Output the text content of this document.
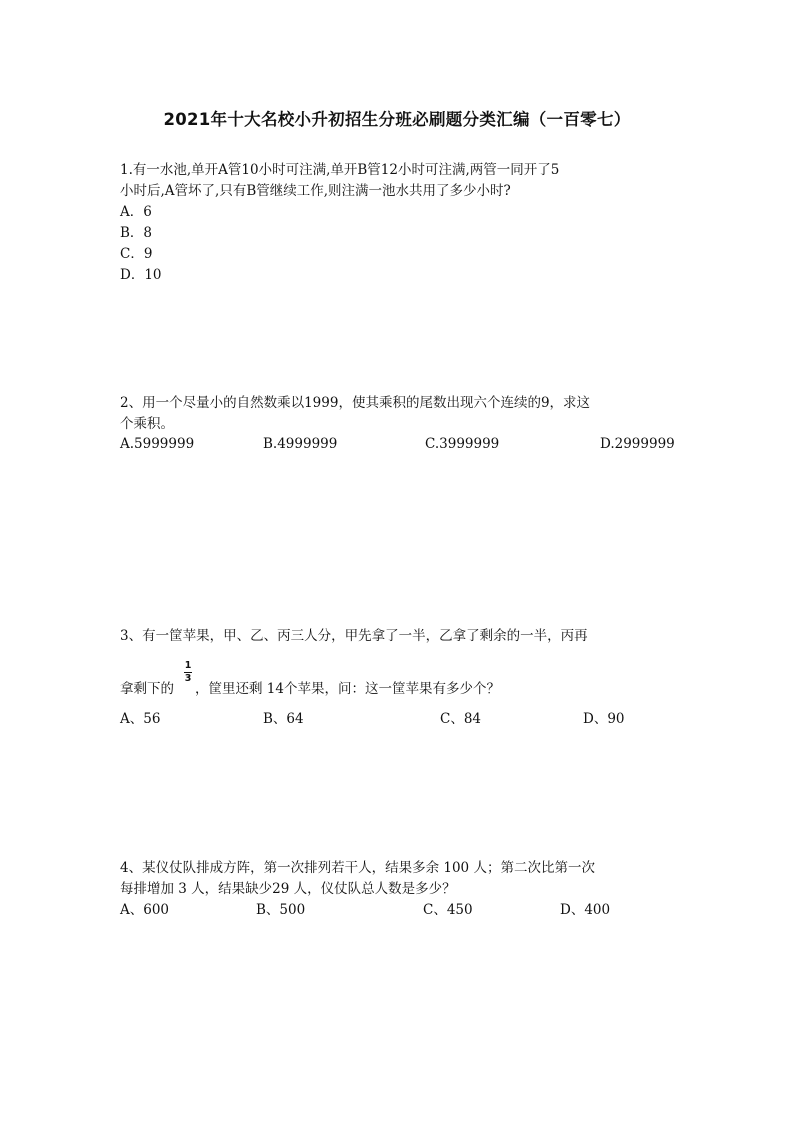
2021年十大名校小升初招生分班必刷题分类汇编（一百零七）
1.有一水池,单开A管10小时可注满,单开B管12小时可注满,两管一同开了5
小时后,A管坏了,只有B管继续工作,则注满一池水共用了多少小时?
A．6
B．8
C．9
D．10
2、用一个尽量小的自然数乘以1999，使其乘积的尾数出现六个连续的9，求这
个乘积。
A.5999999	B.4999999	C.3999999	D.2999999
3、有一筐苹果，甲、乙、丙三人分，甲先拿了一半，乙拿了剩余的一半，丙再
拿剩下的
1
3
，筐里还剩 14个苹果，问：这一筐苹果有多少个？
A、56	B、64	C、84	D、90
4、某仪仗队排成方阵，第一次排列若干人，结果多余 100 人；第二次比第一次
每排增加 3 人，结果缺少29 人，仪仗队总人数是多少？
A、600	B、500	C、450	D、400
